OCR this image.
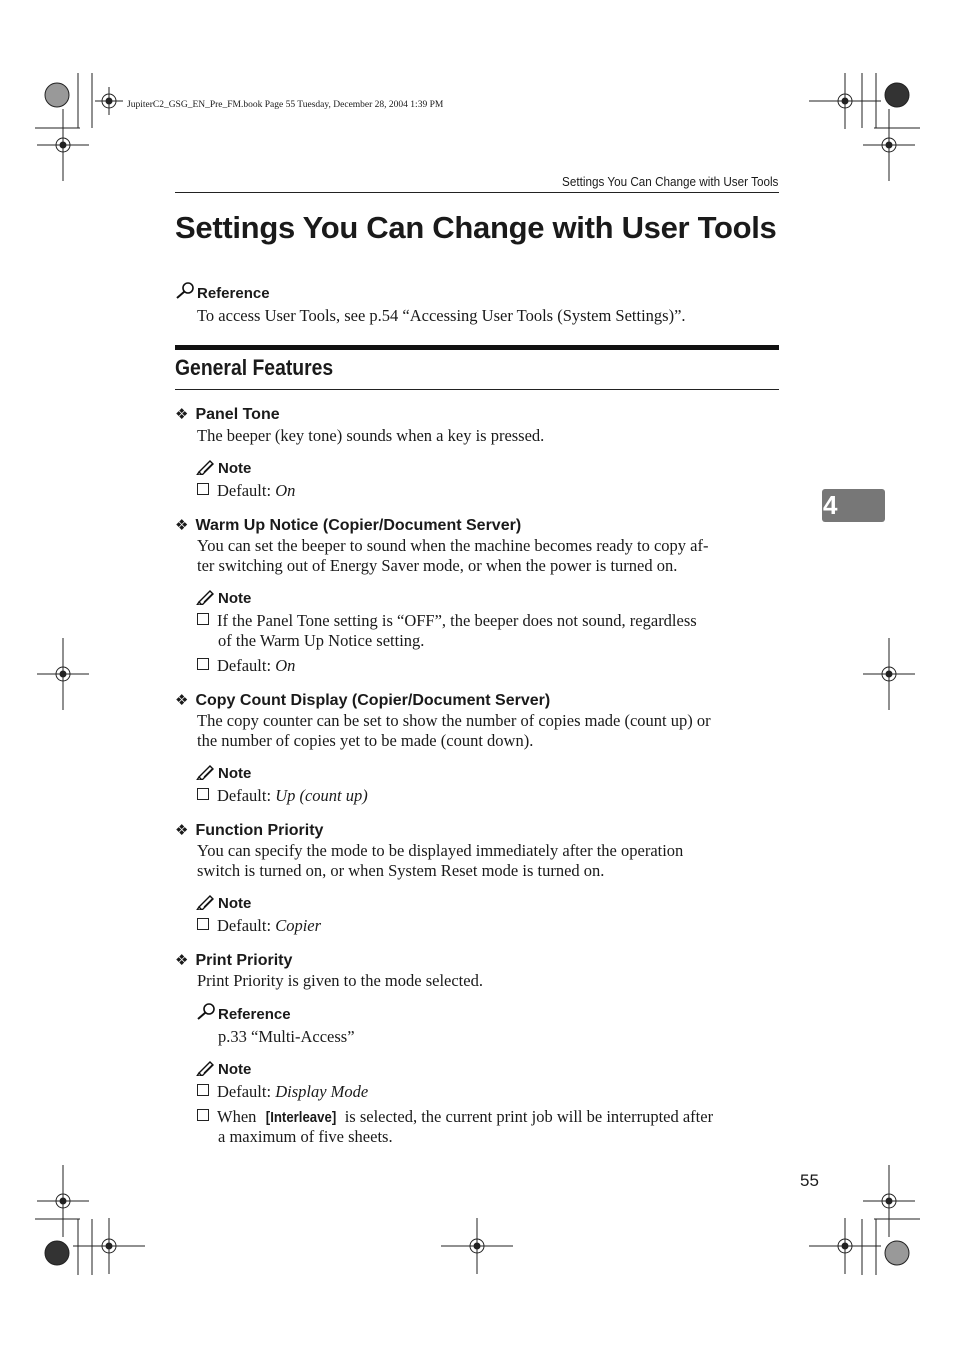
JupiterC2_GSG_EN_Pre_FM.book Page 55 Tuesday, December 28, 2004 1:39 PM
Settings You Can Change with User Tools
Settings You Can Change with User Tools
Reference
To access User Tools, see p.54 “Accessing User Tools (System Settings)”.
General Features
❖ Panel Tone
The beeper (key tone) sounds when a key is pressed.
Note
Default: On
❖ Warm Up Notice (Copier/Document Server)
You can set the beeper to sound when the machine becomes ready to copy af-
ter switching out of Energy Saver mode, or when the power is turned on.
Note
If the Panel Tone setting is “OFF”, the beeper does not sound, regardless
of the Warm Up Notice setting.
Default: On
❖ Copy Count Display (Copier/Document Server)
The copy counter can be set to show the number of copies made (count up) or
the number of copies yet to be made (count down).
Note
Default: Up (count up)
❖ Function Priority
You can specify the mode to be displayed immediately after the operation
switch is turned on, or when System Reset mode is turned on.
Note
Default: Copier
❖ Print Priority
Print Priority is given to the mode selected.
Reference
p.33 “Multi-Access”
Note
Default: Display Mode
When [Interleave] is selected, the current print job will be interrupted after
a maximum of five sheets.
4
55
